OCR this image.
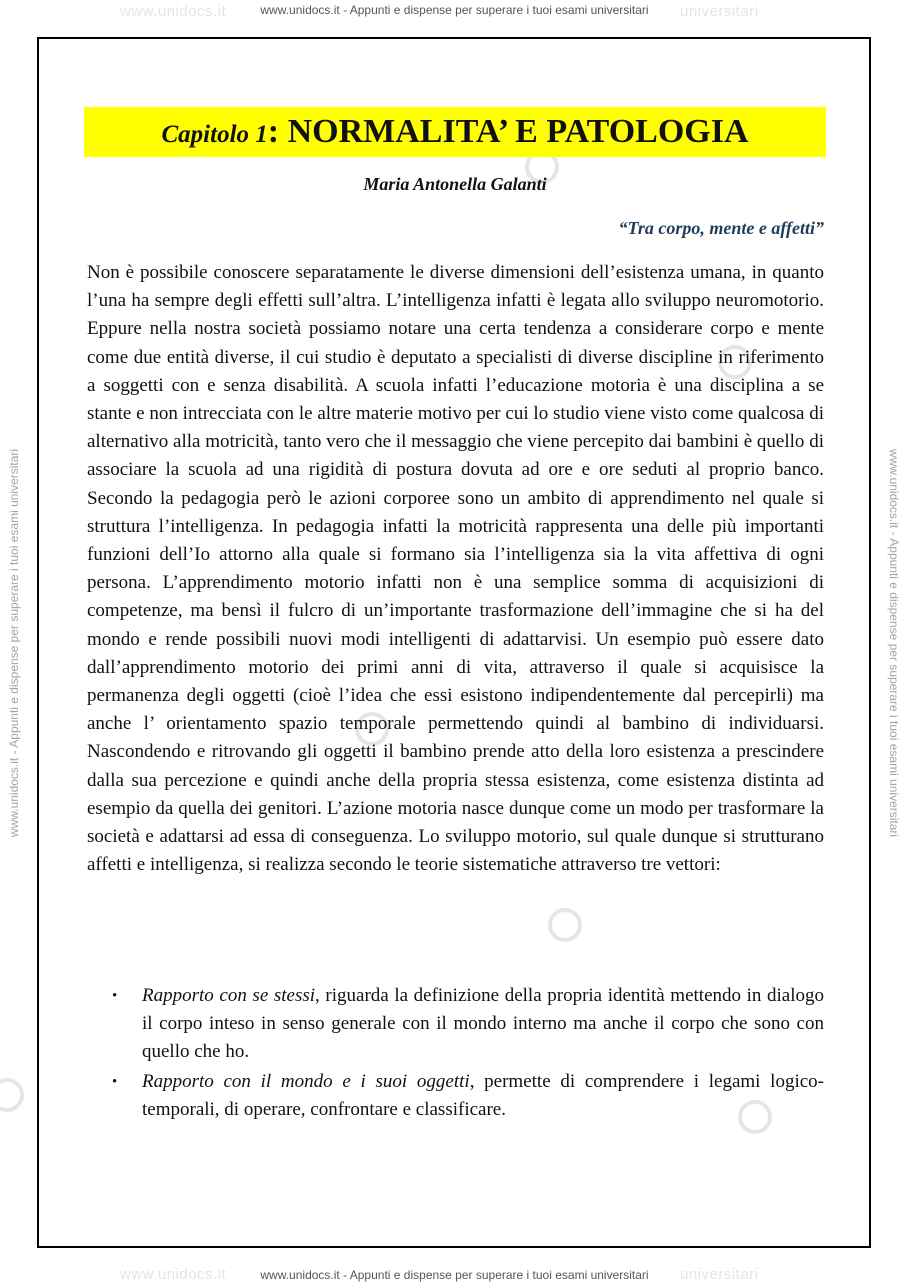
www.unidocs.it	universitari
www.unidocs.it	universitari
www.unidocs.it - Appunti e dispense per superare i tuoi esami universitari
www.unidocs.it - Appunti e dispense per superare i tuoi esami universitari
www.unidocs.it - Appunti e dispense per superare i tuoi esami universitari	www.unidocs.it - Appunti e dispense per superare i tuoi esami universitari
Capitolo 1: NORMALITA’ E PATOLOGIA
Maria Antonella Galanti
“Tra corpo, mente e affetti”

Non è possibile conoscere separatamente le diverse dimensioni dell’esistenza umana, in quanto l’una ha sempre degli effetti sull’altra. L’intelligenza infatti è legata allo sviluppo neuromotorio. Eppure nella nostra società possiamo notare una certa tendenza a considerare corpo e mente come due entità diverse, il cui studio è deputato a specialisti di diverse discipline in riferimento a soggetti con e senza disabilità. A scuola infatti l’educazione motoria è una disciplina a se stante e non intrecciata con le altre materie motivo per cui lo studio viene visto come qualcosa di alternativo alla motricità, tanto vero che il messaggio che viene percepito dai bambini è quello di associare la scuola ad una rigidità di postura dovuta ad ore e ore seduti al proprio banco. Secondo la pedagogia però le azioni corporee sono un ambito di apprendimento nel quale si struttura l’intelligenza. In pedagogia infatti la motricità rappresenta una delle più importanti funzioni dell’Io attorno alla quale si formano sia l’intelligenza sia la vita affettiva di ogni persona. L’apprendimento motorio infatti non è una semplice somma di acquisizioni di competenze, ma bensì il fulcro di un’importante trasformazione dell’immagine che si ha del mondo e rende possibili nuovi modi intelligenti di adattarvisi. Un esempio può essere dato dall’apprendimento motorio dei primi anni di vita, attraverso il quale si acquisisce la permanenza degli oggetti (cioè l’idea che essi esistono indipendentemente dal percepirli) ma anche l’ orientamento spazio temporale permettendo quindi al bambino di individuarsi. Nascondendo e ritrovando gli oggetti il bambino prende atto della loro esistenza a prescindere dalla sua percezione e quindi anche della propria stessa esistenza, come esistenza distinta ad esempio da quella dei genitori. L’azione motoria nasce dunque come un modo per trasformare la società e adattarsi ad essa di conseguenza. Lo sviluppo motorio, sul quale dunque si strutturano affetti e intelligenza, si realizza secondo le teorie sistematiche attraverso tre vettori:

• Rapporto con se stessi, riguarda la definizione della propria identità mettendo in dialogo il corpo inteso in senso generale con il mondo interno ma anche il corpo che sono con quello che ho.
• Rapporto con il mondo e i suoi oggetti, permette di comprendere i legami logico-temporali, di operare, confrontare e classificare.
